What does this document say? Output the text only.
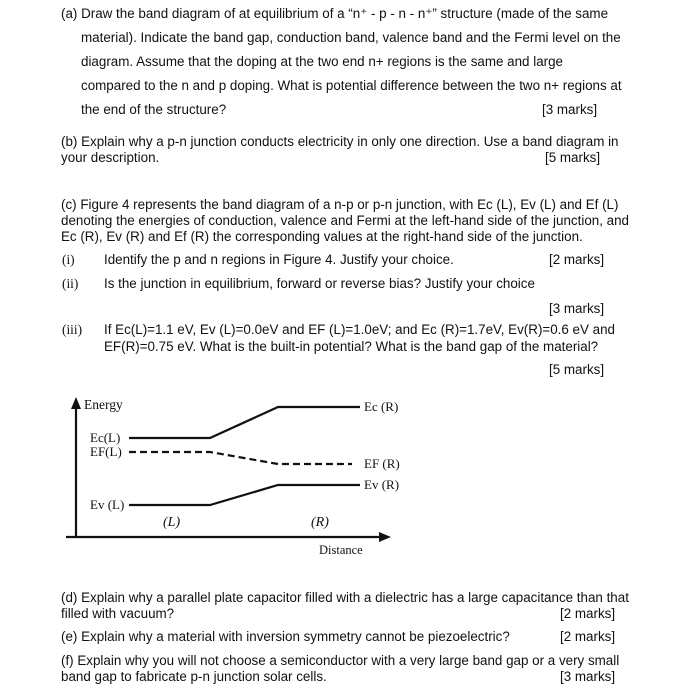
(a) Draw the band diagram of at equilibrium of a “n⁺ - p - n - n⁺” structure (made of the same
material). Indicate the band gap, conduction band, valence band and the Fermi level on the
diagram. Assume that the doping at the two end n+ regions is the same and large
compared to the n and p doping. What is potential difference between the two n+ regions at
the end of the structure?	[3 marks]
(b) Explain why a p-n junction conducts electricity in only one direction. Use a band diagram in
your description.	[5 marks]
(c) Figure 4 represents the band diagram of a n-p or p-n junction, with Ec (L), Ev (L) and Ef (L)
denoting the energies of conduction, valence and Fermi at the left-hand side of the junction, and
Ec (R), Ev (R) and Ef (R) the corresponding values at the right-hand side of the junction.
(i) Identify the p and n regions in Figure 4. Justify your choice.	[2 marks]
(ii) Is the junction in equilibrium, forward or reverse bias? Justify your choice
[3 marks]
(iii) If Ec(L)=1.1 eV, Ev (L)=0.0eV and EF (L)=1.0eV; and Ec (R)=1.7eV, Ev(R)=0.6 eV and
EF(R)=0.75 eV. What is the built-in potential? What is the band gap of the material?
[5 marks]
Energy
Distance
Ec(L)
EF(L)
Ev (L)
Ec (R)
EF (R)
Ev (R)
(L)	(R)
(d) Explain why a parallel plate capacitor filled with a dielectric has a large capacitance than that
filled with vacuum?	[2 marks]
(e) Explain why a material with inversion symmetry cannot be piezoelectric?	[2 marks]
(f) Explain why you will not choose a semiconductor with a very large band gap or a very small
band gap to fabricate p-n junction solar cells.	[3 marks]
